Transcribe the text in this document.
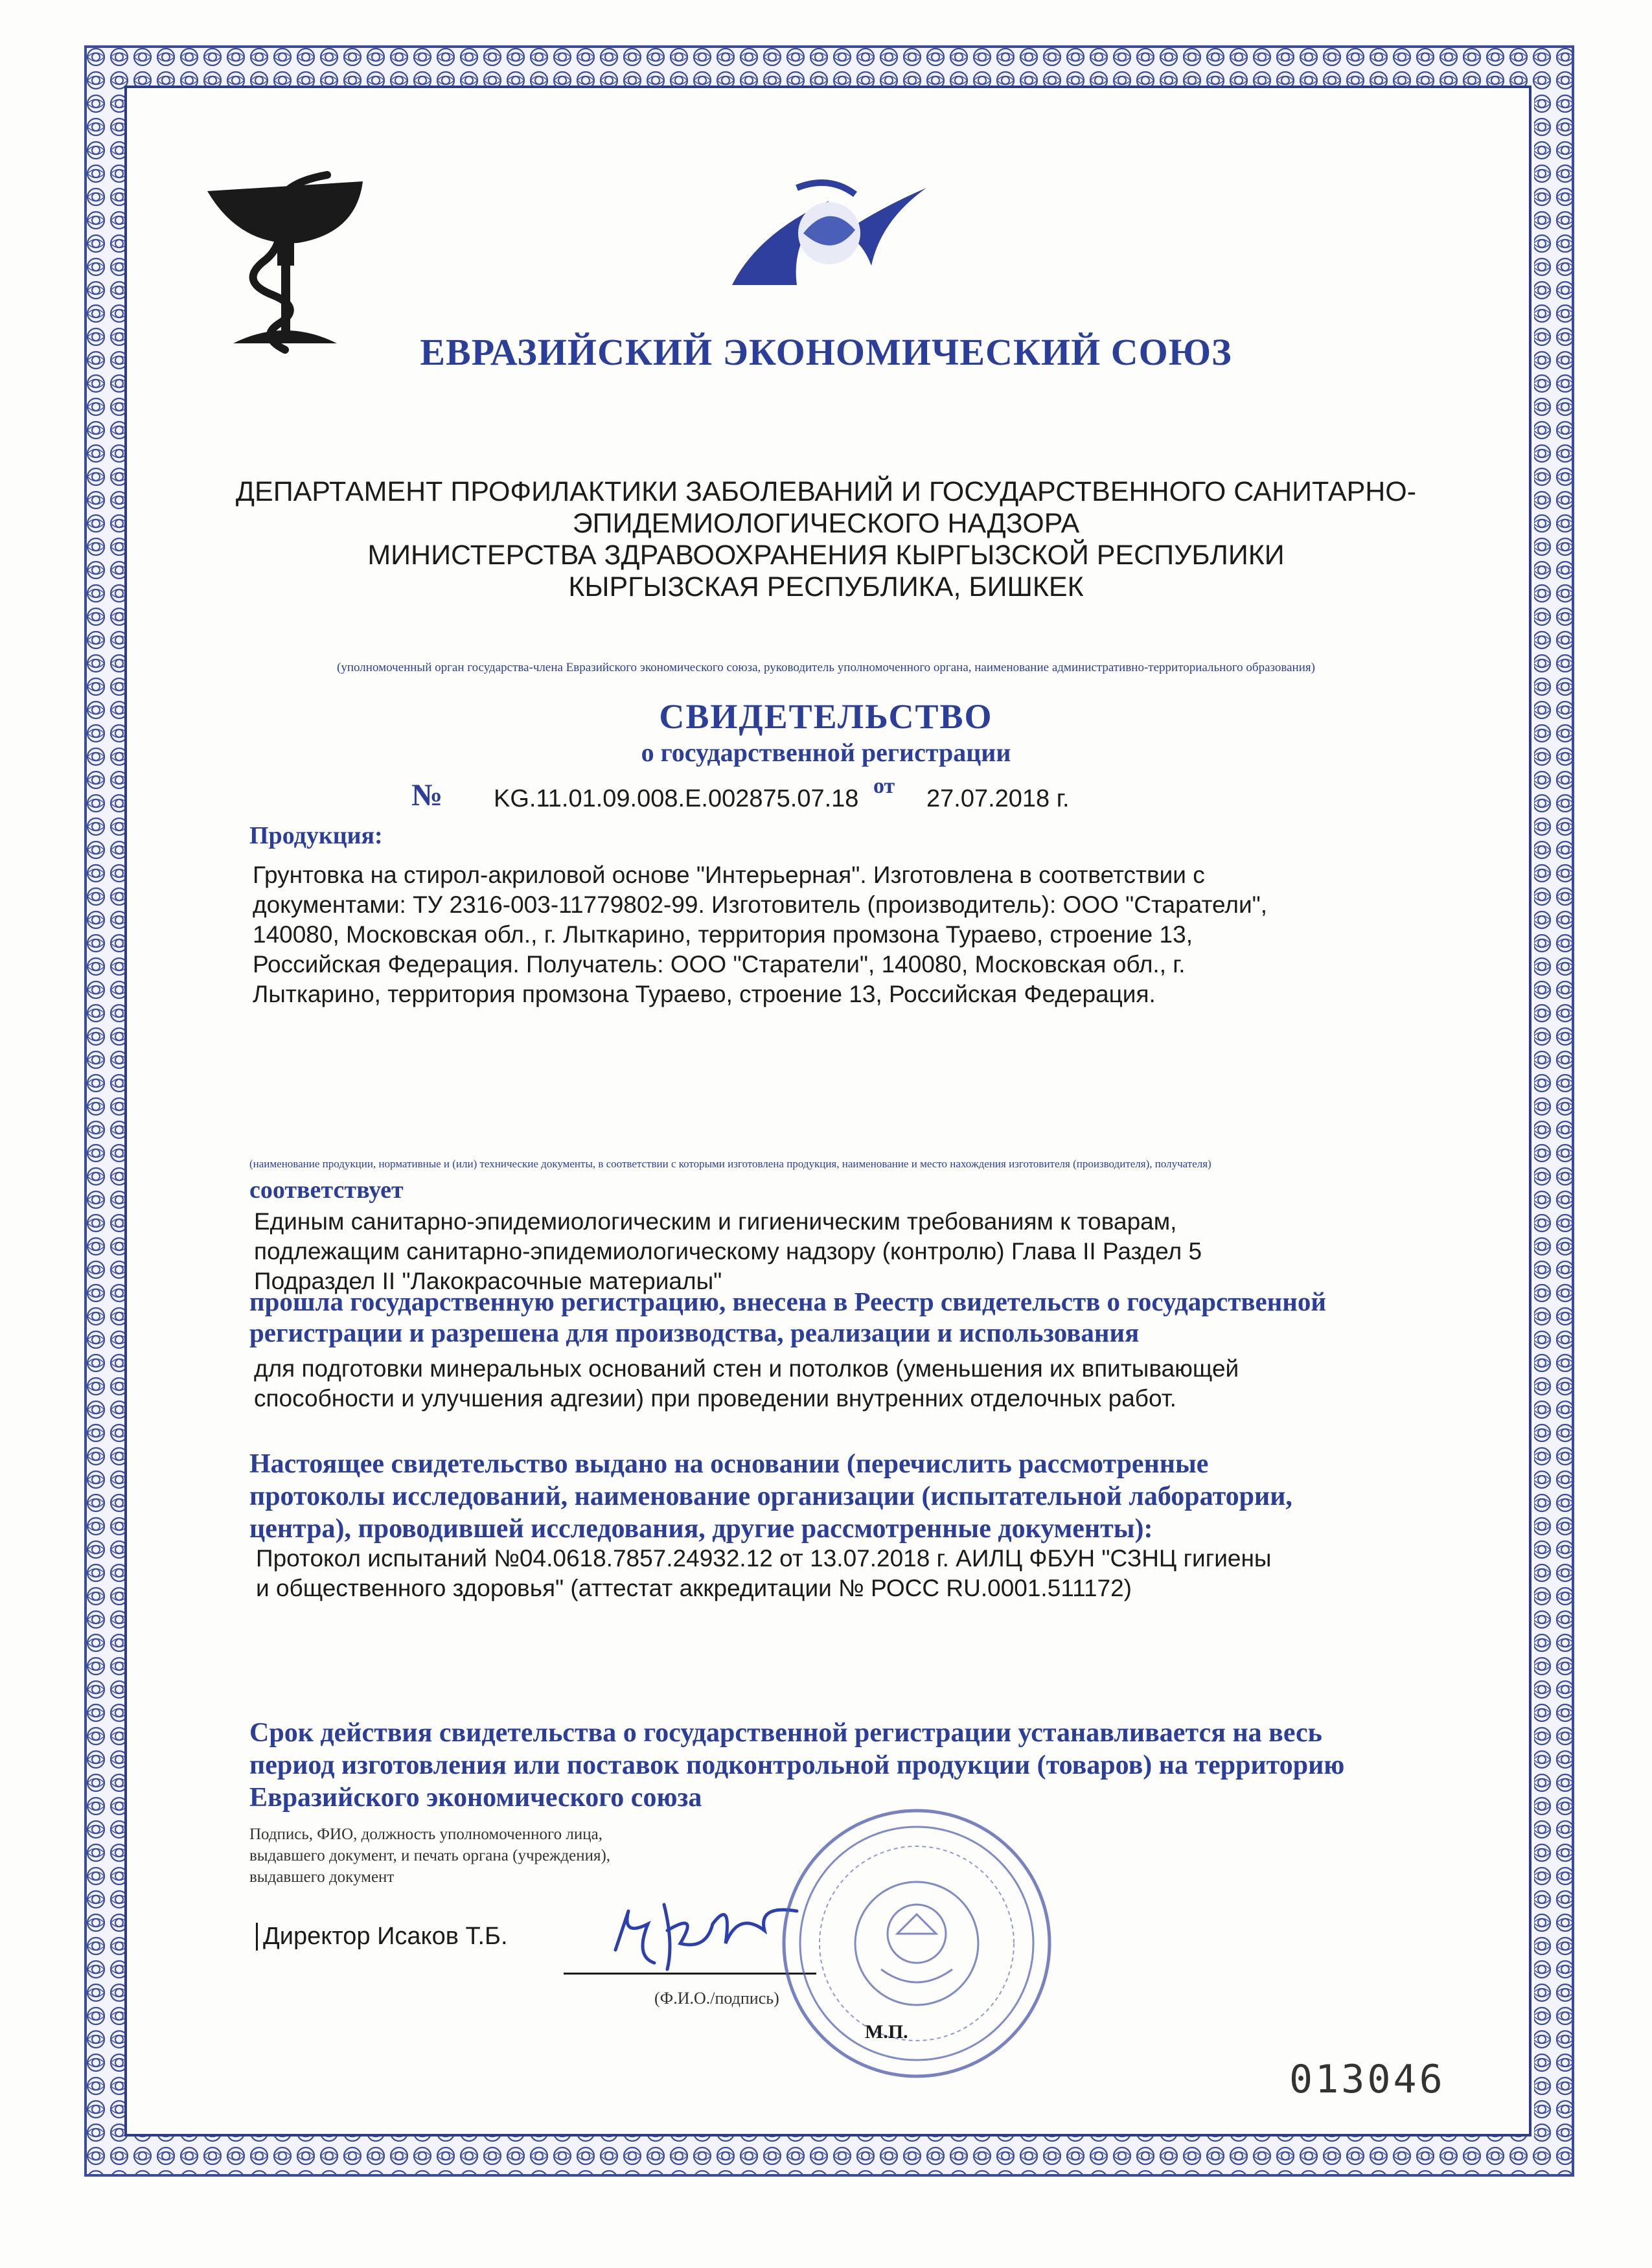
ЕВРАЗИЙСКИЙ ЭКОНОМИЧЕСКИЙ СОЮЗ
ДЕПАРТАМЕНТ ПРОФИЛАКТИКИ ЗАБОЛЕВАНИЙ И ГОСУДАРСТВЕННОГО САНИТАРНО-
ЭПИДЕМИОЛОГИЧЕСКОГО НАДЗОРА
МИНИСТЕРСТВА ЗДРАВООХРАНЕНИЯ КЫРГЫЗСКОЙ РЕСПУБЛИКИ
КЫРГЫЗСКАЯ РЕСПУБЛИКА, БИШКЕК
(уполномоченный орган государства-члена Евразийского экономического союза, руководитель уполномоченного органа, наименование административно-территориального образования)
СВИДЕТЕЛЬСТВО
о государственной регистрации
№ KG.11.01.09.008.Е.002875.07.18 от 27.07.2018 г.
Продукция:
Грунтовка на стирол-акриловой основе "Интерьерная". Изготовлена в соответствии с
документами: ТУ 2316-003-11779802-99. Изготовитель (производитель): ООО "Старатели",
140080, Московская обл., г. Лыткарино, территория промзона Тураево, строение 13,
Российская Федерация. Получатель: ООО "Старатели", 140080, Московская обл., г.
Лыткарино, территория промзона Тураево, строение 13, Российская Федерация.
(наименование продукции, нормативные и (или) технические документы, в соответствии с которыми изготовлена продукция, наименование и место нахождения изготовителя (производителя), получателя)
соответствует
Единым санитарно-эпидемиологическим и гигиеническим требованиям к товарам,
подлежащим санитарно-эпидемиологическому надзору (контролю) Глава II Раздел 5
Подраздел II "Лакокрасочные материалы"
прошла государственную регистрацию, внесена в Реестр свидетельств о государственной
регистрации и разрешена для производства, реализации и использования
для подготовки минеральных оснований стен и потолков (уменьшения их впитывающей
способности и улучшения адгезии) при проведении внутренних отделочных работ.
Настоящее свидетельство выдано на основании (перечислить рассмотренные
протоколы исследований, наименование организации (испытательной лаборатории,
центра), проводившей исследования, другие рассмотренные документы):
Протокол испытаний №04.0618.7857.24932.12 от 13.07.2018 г. АИЛЦ ФБУН "СЗНЦ гигиены
и общественного здоровья" (аттестат аккредитации № РОСС RU.0001.511172)
Срок действия свидетельства о государственной регистрации устанавливается на весь
период изготовления или поставок подконтрольной продукции (товаров) на территорию
Евразийского экономического союза
Подпись, ФИО, должность уполномоченного лица,
выдавшего документ, и печать органа (учреждения),
выдавшего документ
Директор Исаков Т.Б.
(Ф.И.О./подпись)
М.П.
013046
